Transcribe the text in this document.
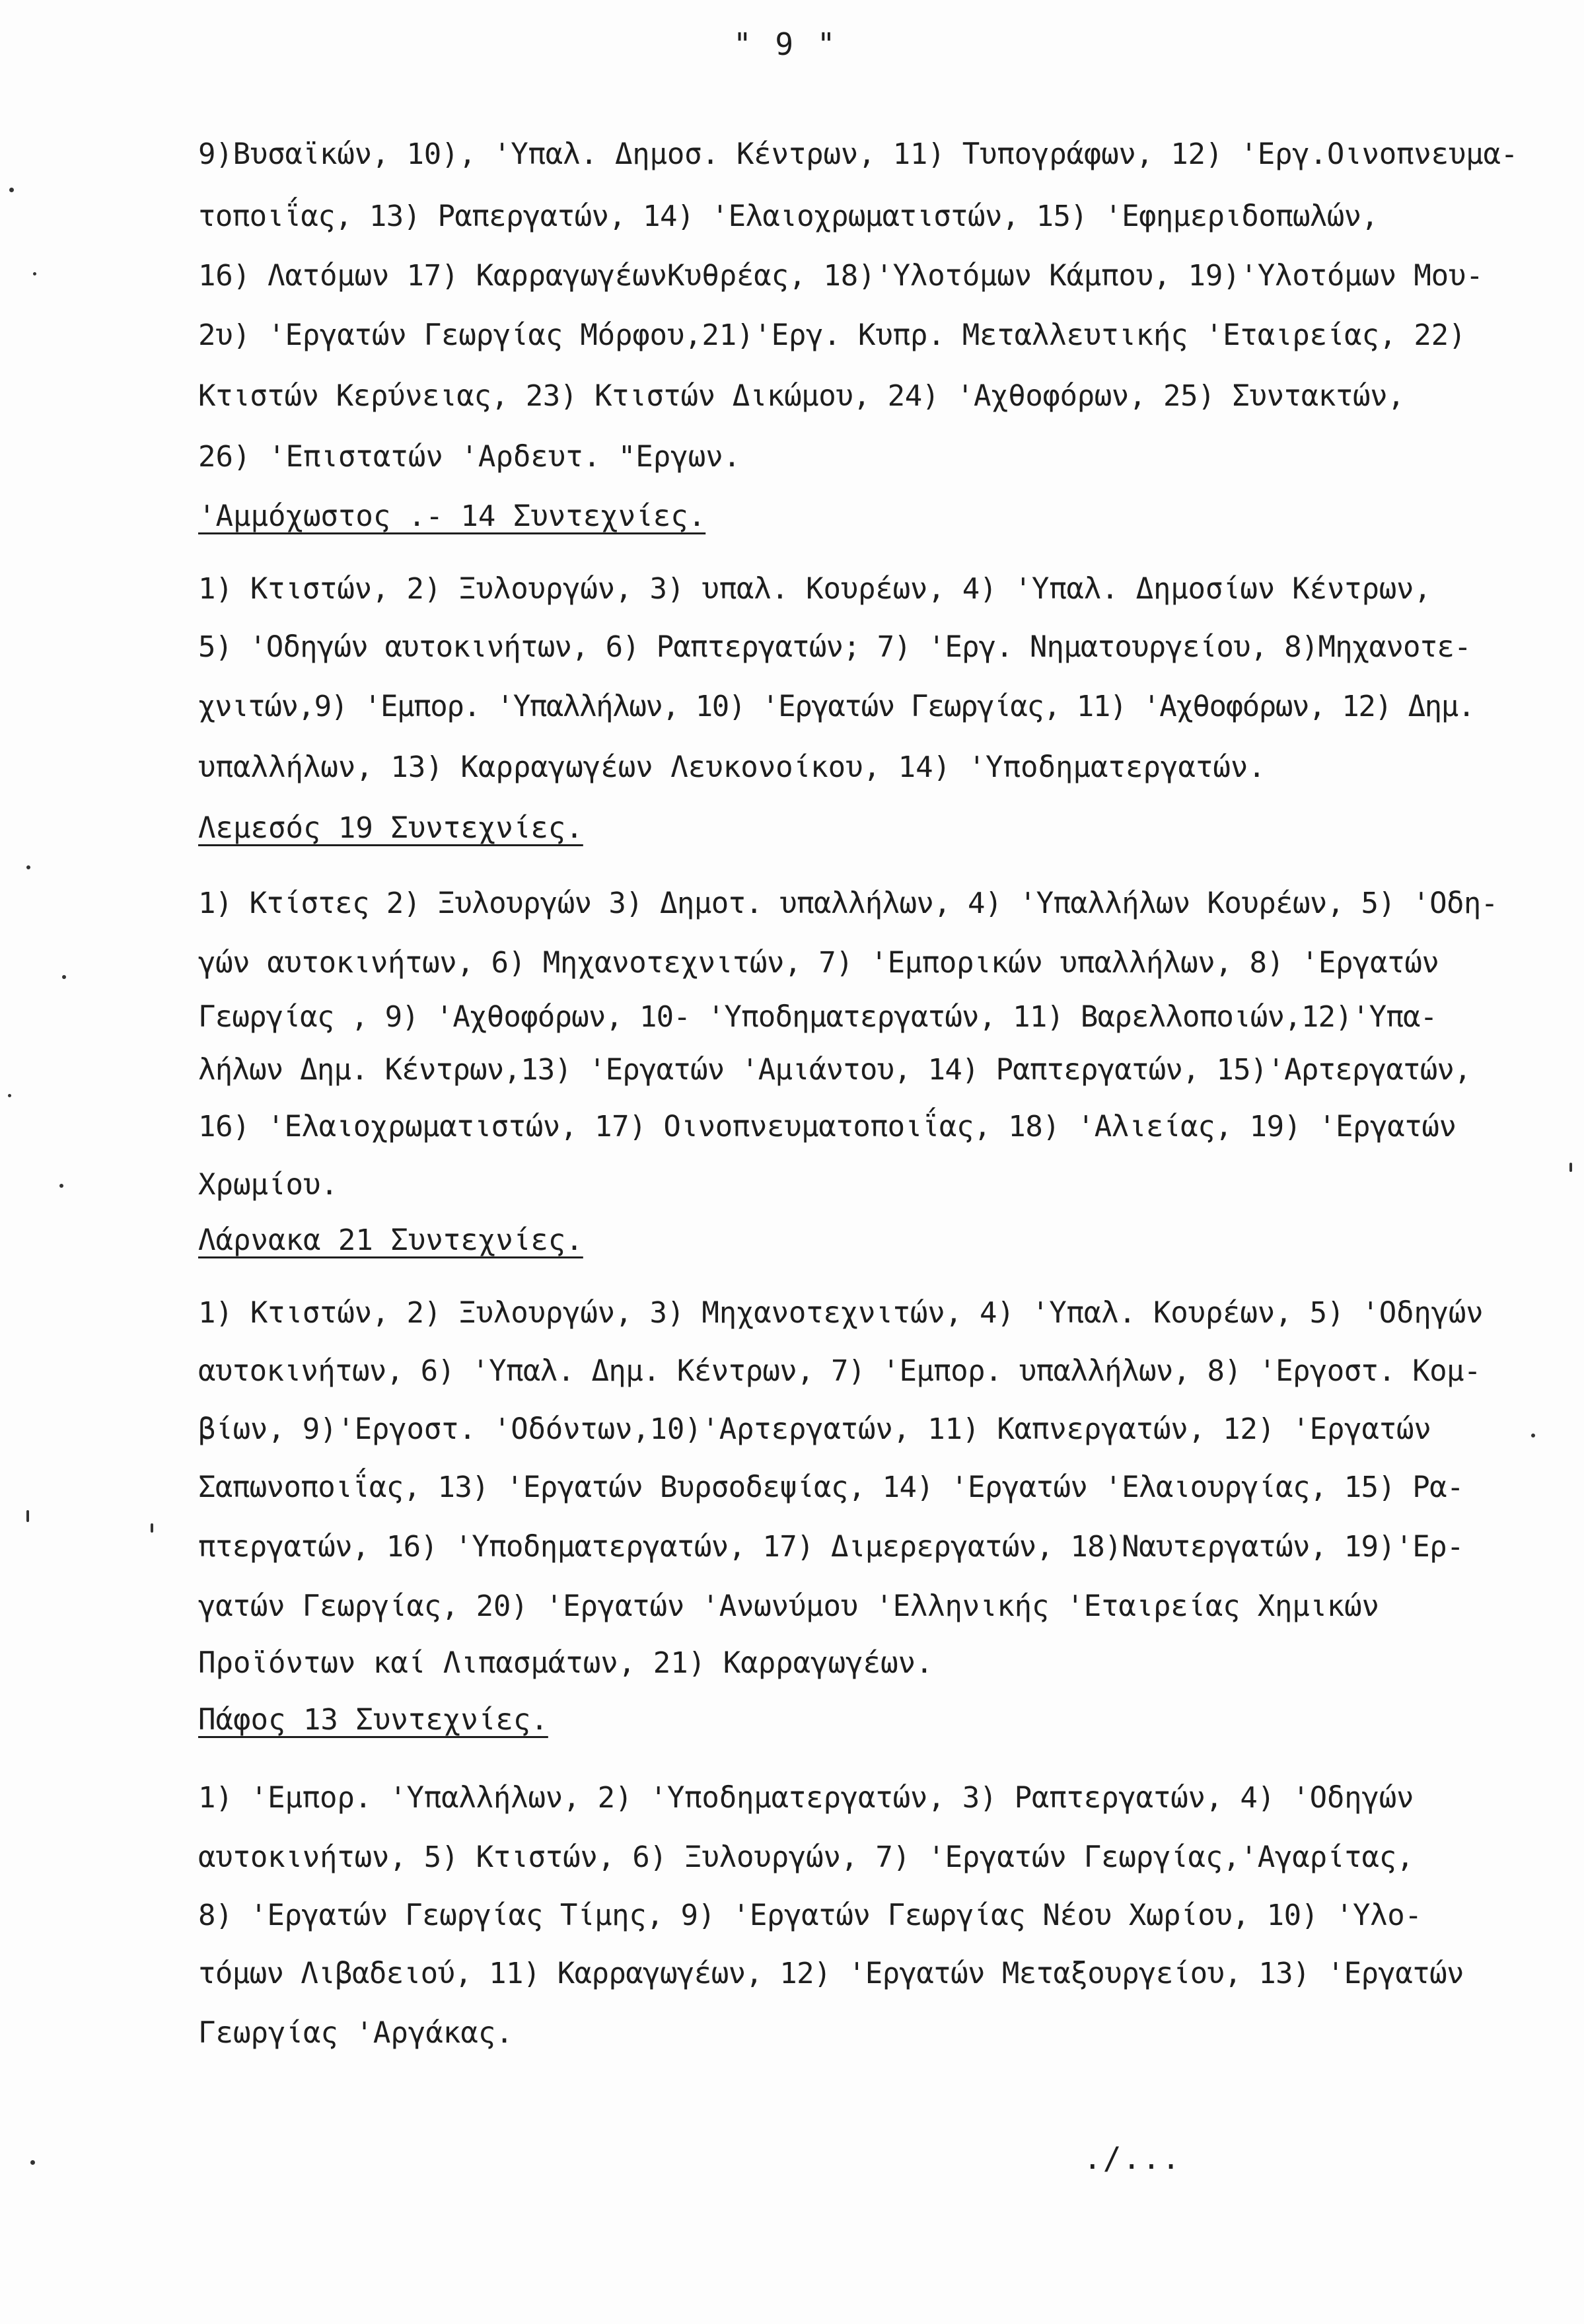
" 9 "
9)Βυσαϊκών, 10), 'Υπαλ. Δημοσ. Κέντρων, 11) Τυπογράφων, 12) 'Εργ.Οινοπνευμα-
τοποιΐας, 13) Ραπεργατών, 14) 'Ελαιοχρωματιστών, 15) 'Εφημεριδοπωλών,
16) Λατόμων 17) ΚαρραγωγέωνΚυθρέας, 18)'Υλοτόμων Κάμπου, 19)'Υλοτόμων Μου-
2υ) 'Εργατών Γεωργίας Μόρφου,21)'Εργ. Κυπρ. Μεταλλευτικής 'Εταιρείας, 22)
Κτιστών Κερύνειας, 23) Κτιστών Δικώμου, 24) 'Αχθοφόρων, 25) Συντακτών,
26) 'Επιστατών 'Αρδευτ. "Εργων.
'Αμμόχωστος .- 14 Συντεχνίες.
1) Κτιστών, 2) Ξυλουργών, 3) υπαλ. Κουρέων, 4) 'Υπαλ. Δημοσίων Κέντρων,
5) 'Οδηγών αυτοκινήτων, 6) Ραπτεργατών; 7) 'Εργ. Νηματουργείου, 8)Μηχανοτε-
χνιτών,9) 'Εμπορ. 'Υπαλλήλων, 10) 'Εργατών Γεωργίας, 11) 'Αχθοφόρων, 12) Δημ.
υπαλλήλων, 13) Καρραγωγέων Λευκονοίκου, 14) 'Υποδηματεργατών.
Λεμεσός 19 Συντεχνίες.
1) Κτίστες 2) Ξυλουργών 3) Δημοτ. υπαλλήλων, 4) 'Υπαλλήλων Κουρέων, 5) 'Οδη-
γών αυτοκινήτων, 6) Μηχανοτεχνιτών, 7) 'Εμπορικών υπαλλήλων, 8) 'Εργατών
Γεωργίας , 9) 'Αχθοφόρων, 10- 'Υποδηματεργατών, 11) Βαρελλοποιών,12)'Υπα-
λήλων Δημ. Κέντρων,13) 'Εργατών 'Αμιάντου, 14) Ραπτεργατών, 15)'Αρτεργατών,
16) 'Ελαιοχρωματιστών, 17) Οινοπνευματοποιΐας, 18) 'Αλιείας, 19) 'Εργατών
Χρωμίου.
Λάρνακα 21 Συντεχνίες.
1) Κτιστών, 2) Ξυλουργών, 3) Μηχανοτεχνιτών, 4) 'Υπαλ. Κουρέων, 5) 'Οδηγών
αυτοκινήτων, 6) 'Υπαλ. Δημ. Κέντρων, 7) 'Εμπορ. υπαλλήλων, 8) 'Εργοστ. Κομ-
βίων, 9)'Εργοστ. 'Οδόντων,10)'Αρτεργατών, 11) Καπνεργατών, 12) 'Εργατών
Σαπωνοποιΐας, 13) 'Εργατών Βυρσοδεψίας, 14) 'Εργατών 'Ελαιουργίας, 15) Ρα-
πτεργατών, 16) 'Υποδηματεργατών, 17) Διμερεργατών, 18)Ναυτεργατών, 19)'Ερ-
γατών Γεωργίας, 20) 'Εργατών 'Ανωνύμου 'Ελληνικής 'Εταιρείας Χημικών
Προϊόντων καί Λιπασμάτων, 21) Καρραγωγέων.
Πάφος 13 Συντεχνίες.
1) 'Εμπορ. 'Υπαλλήλων, 2) 'Υποδηματεργατών, 3) Ραπτεργατών, 4) 'Οδηγών
αυτοκινήτων, 5) Κτιστών, 6) Ξυλουργών, 7) 'Εργατών Γεωργίας,'Αγαρίτας,
8) 'Εργατών Γεωργίας Τίμης, 9) 'Εργατών Γεωργίας Νέου Χωρίου, 10) 'Υλο-
τόμων Λιβαδειού, 11) Καρραγωγέων, 12) 'Εργατών Μεταξουργείου, 13) 'Εργατών
Γεωργίας 'Αργάκας.
./...
